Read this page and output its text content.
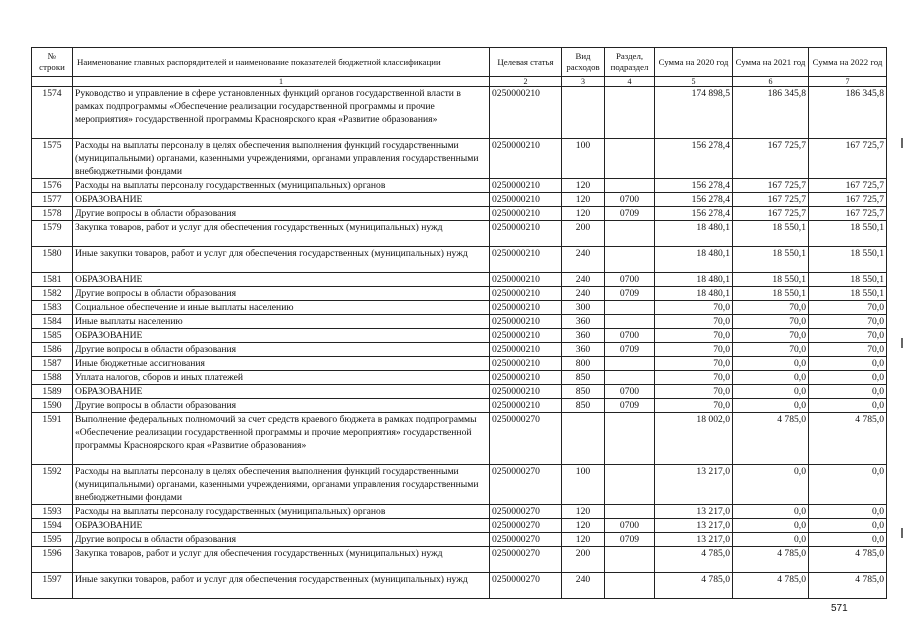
№ строки	Наименование главных распорядителей и наименование показателей бюджетной классификации	Целевая статья	Вид расходов	Раздел, подраздел	Сумма на 2020 год	Сумма на 2021 год	Сумма на 2022 год
	1	2	3	4	5	6	7
1574	Руководство и управление в сфере установленных функций органов государственной власти в рамках подпрограммы «Обеспечение реализации государственной программы и прочие мероприятия» государственной программы Красноярского края «Развитие образования»	0250000210			174 898,5	186 345,8	186 345,8
1575	Расходы на выплаты персоналу в целях обеспечения выполнения функций государственными (муниципальными) органами, казенными учреждениями, органами управления государственными внебюджетными фондами	0250000210	100		156 278,4	167 725,7	167 725,7
1576	Расходы на выплаты персоналу государственных (муниципальных) органов	0250000210	120		156 278,4	167 725,7	167 725,7
1577	ОБРАЗОВАНИЕ	0250000210	120	0700	156 278,4	167 725,7	167 725,7
1578	Другие вопросы в области образования	0250000210	120	0709	156 278,4	167 725,7	167 725,7
1579	Закупка товаров, работ и услуг для обеспечения государственных (муниципальных) нужд	0250000210	200		18 480,1	18 550,1	18 550,1
1580	Иные закупки товаров, работ и услуг для обеспечения государственных (муниципальных) нужд	0250000210	240		18 480,1	18 550,1	18 550,1
1581	ОБРАЗОВАНИЕ	0250000210	240	0700	18 480,1	18 550,1	18 550,1
1582	Другие вопросы в области образования	0250000210	240	0709	18 480,1	18 550,1	18 550,1
1583	Социальное обеспечение и иные выплаты населению	0250000210	300		70,0	70,0	70,0
1584	Иные выплаты населению	0250000210	360		70,0	70,0	70,0
1585	ОБРАЗОВАНИЕ	0250000210	360	0700	70,0	70,0	70,0
1586	Другие вопросы в области образования	0250000210	360	0709	70,0	70,0	70,0
1587	Иные бюджетные ассигнования	0250000210	800		70,0	0,0	0,0
1588	Уплата налогов, сборов и иных платежей	0250000210	850		70,0	0,0	0,0
1589	ОБРАЗОВАНИЕ	0250000210	850	0700	70,0	0,0	0,0
1590	Другие вопросы в области образования	0250000210	850	0709	70,0	0,0	0,0
1591	Выполнение федеральных полномочий за счет средств краевого бюджета в рамках подпрограммы «Обеспечение реализации государственной программы и прочие мероприятия» государственной программы Красноярского края «Развитие образования»	0250000270			18 002,0	4 785,0	4 785,0
1592	Расходы на выплаты персоналу в целях обеспечения выполнения функций государственными (муниципальными) органами, казенными учреждениями, органами управления государственными внебюджетными фондами	0250000270	100		13 217,0	0,0	0,0
1593	Расходы на выплаты персоналу государственных (муниципальных) органов	0250000270	120		13 217,0	0,0	0,0
1594	ОБРАЗОВАНИЕ	0250000270	120	0700	13 217,0	0,0	0,0
1595	Другие вопросы в области образования	0250000270	120	0709	13 217,0	0,0	0,0
1596	Закупка товаров, работ и услуг для обеспечения государственных (муниципальных) нужд	0250000270	200		4 785,0	4 785,0	4 785,0
1597	Иные закупки товаров, работ и услуг для обеспечения государственных (муниципальных) нужд	0250000270	240		4 785,0	4 785,0	4 785,0
571
